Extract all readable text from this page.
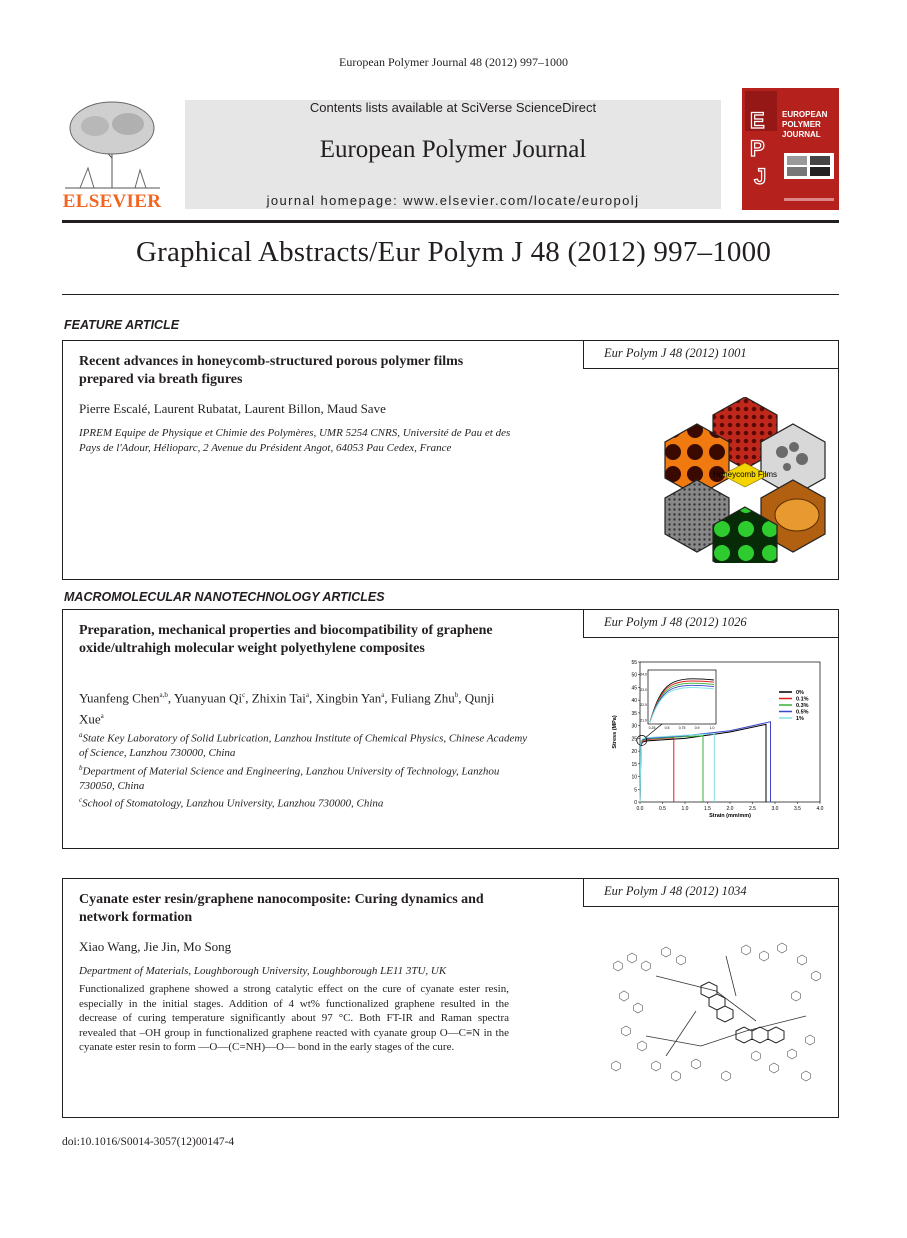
European Polymer Journal 48 (2012) 997–1000
ELSEVIER
Contents lists available at SciVerse ScienceDirect
European Polymer Journal
journal homepage: www.elsevier.com/locate/europolj
E
P
J
EUROPEAN POLYMER JOURNAL
Graphical Abstracts/Eur Polym J 48 (2012) 997–1000
FEATURE ARTICLE
Eur Polym J 48 (2012) 1001
Recent advances in honeycomb-structured porous polymer films prepared via breath figures
Pierre Escalé, Laurent Rubatat, Laurent Billon, Maud Save
IPREM Equipe de Physique et Chimie des Polymères, UMR 5254 CNRS, Université de Pau et des Pays de l'Adour, Hélioparc, 2 Avenue du Président Angot, 64053 Pau Cedex, France
Honeycomb Films
MACROMOLECULAR NANOTECHNOLOGY ARTICLES
Eur Polym J 48 (2012) 1026
Preparation, mechanical properties and biocompatibility of graphene oxide/ultrahigh molecular weight polyethylene composites
Yuanfeng Chen$^{a,b}$, Yuanyuan Qi$^c$, Zhixin Tai$^a$, Xingbin Yan$^a$, Fuliang Zhu$^b$, Qunji Xue$^a$
$^a$State Key Laboratory of Solid Lubrication, Lanzhou Institute of Chemical Physics, Chinese Academy of Science, Lanzhou 730000, China
$^b$Department of Material Science and Engineering, Lanzhou University of Technology, Lanzhou 730050, China
$^c$School of Stomatology, Lanzhou University, Lanzhou 730000, China	0
5
10
15
20
25
30
35
40
45
50
55
0.0	0.5	1.0	1.5	2.0	2.5	3.0	3.5	4.0
Strain (mm/mm)
Stress (MPa)
0%
0.1%
0.3%
0.5%
1%
21.0
22.0
23.0
24.0
0.25	0.5	0.75	0.9	1.0
Eur Polym J 48 (2012) 1034
Cyanate ester resin/graphene nanocomposite: Curing dynamics and network formation
Xiao Wang, Jie Jin, Mo Song
Department of Materials, Loughborough University, Loughborough LE11 3TU, UK
Functionalized graphene showed a strong catalytic effect on the cure of cyanate ester resin, especially in the initial stages. Addition of 4 wt% functionalized graphene resulted in the decrease of curing temperature significantly about 97 °C. Both FT-IR and Raman spectra revealed that –OH group in functionalized graphene reacted with cyanate group O—C≡N in the cyanate ester resin to form —O—(C=NH)—O— bond in the early stages of the cure.
doi:10.1016/S0014-3057(12)00147-4
